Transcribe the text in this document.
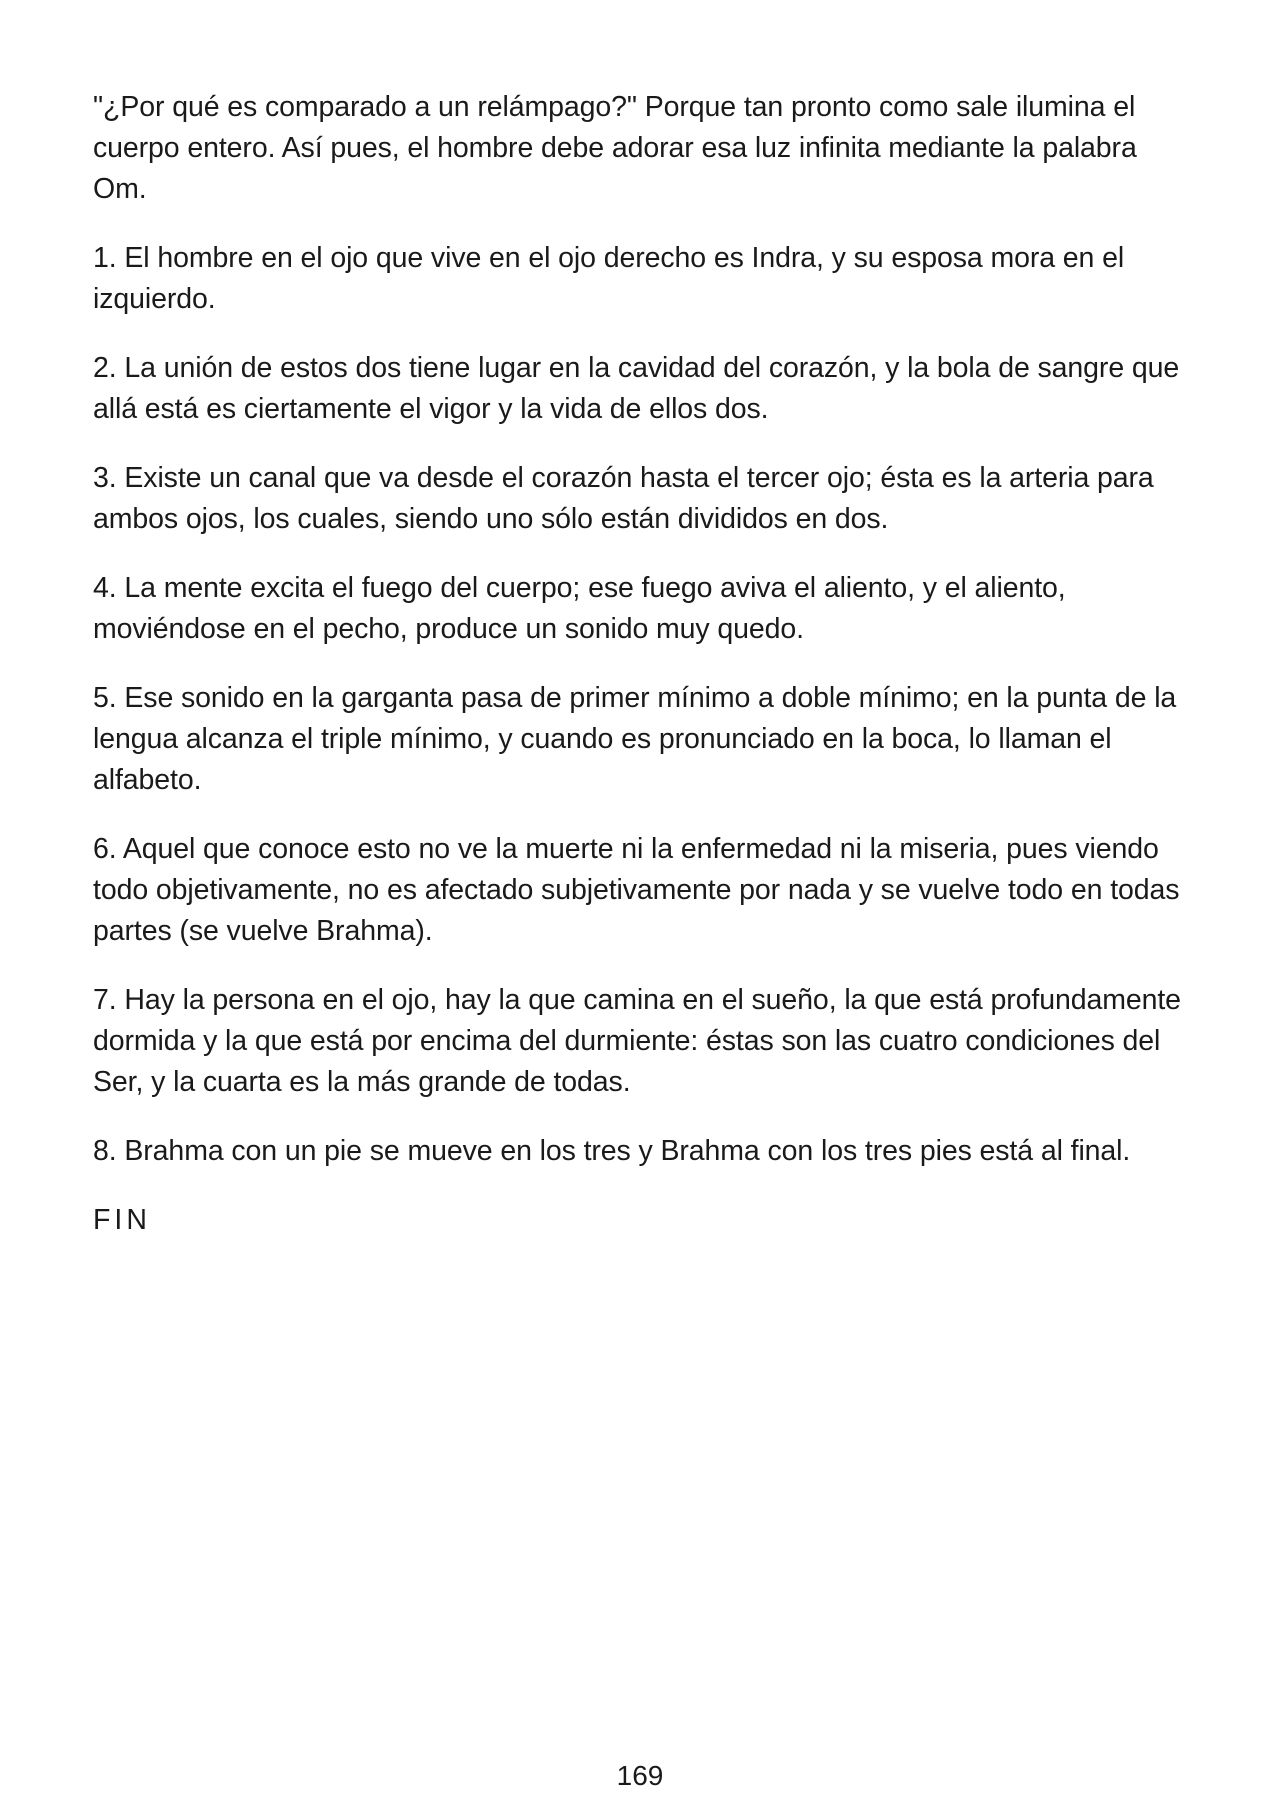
"¿Por qué es comparado a un relámpago?" Porque tan pronto como sale ilumina el cuerpo entero. Así pues, el hombre debe adorar esa luz infinita mediante la palabra Om.

1. El hombre en el ojo que vive en el ojo derecho es Indra, y su esposa mora en el izquierdo.

2. La unión de estos dos tiene lugar en la cavidad del corazón, y la bola de sangre que allá está es ciertamente el vigor y la vida de ellos dos.

3. Existe un canal que va desde el corazón hasta el tercer ojo; ésta es la arteria para ambos ojos, los cuales, siendo uno sólo están divididos en dos.

4. La mente excita el fuego del cuerpo; ese fuego aviva el aliento, y el aliento, moviéndose en el pecho, produce un sonido muy quedo.

5. Ese sonido en la garganta pasa de primer mínimo a doble mínimo; en la punta de la lengua alcanza el triple mínimo, y cuando es pronunciado en la boca, lo llaman el alfabeto.

6. Aquel que conoce esto no ve la muerte ni la enfermedad ni la miseria, pues viendo todo objetivamente, no es afectado subjetivamente por nada y se vuelve todo en todas partes (se vuelve Brahma).

7. Hay la persona en el ojo, hay la que camina en el sueño, la que está profundamente dormida y la que está por encima del durmiente: éstas son las cuatro condiciones del Ser, y la cuarta es la más grande de todas.

8. Brahma con un pie se mueve en los tres y Brahma con los tres pies está al final.

FIN

169
